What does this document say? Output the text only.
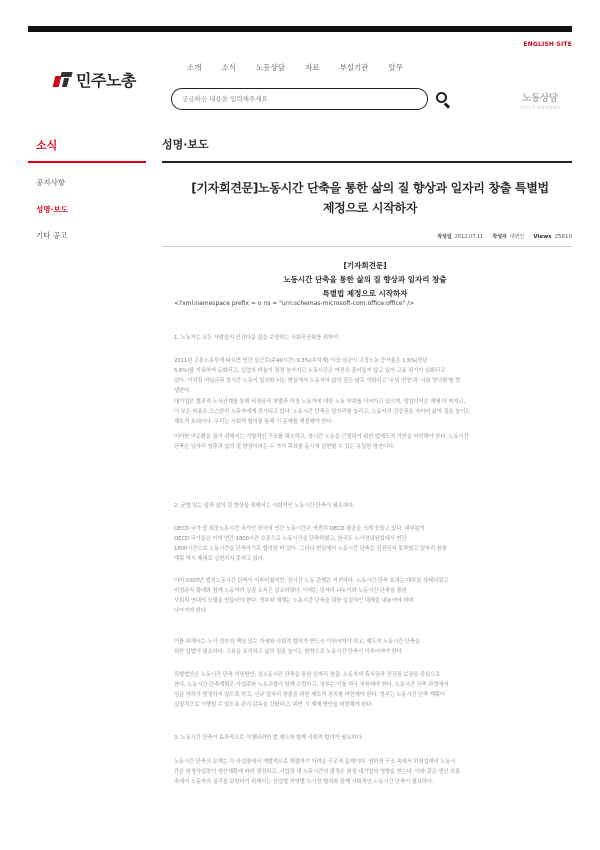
ENGLISH SITE
민주노총
소개	소식	노동상담	자료	부설기관	알무
궁금하신 내용을 입력해주세요
노동상담
민주노총 법률지원센터
소식
공지사항
성명·보도
기타 공고
성명·보도
[기자회견문]노동시간 단축을 통한 삶의 질 향상과 일자리 창출 특별법
제정으로 시작하자
작성일 2012.07.11 작성자 대변인 Views 25610
[기자회견문]
노동시간 단축을 통한 삶의 질 향상과 일자리 창출
특별법 제정으로 시작하자
<?xml:namespace prefix = o ns = "urn:schemas-microsoft-com:office:office" />
1. 노동자는 모든 사람들의 인간다운 삶을 보장하는 사회공공화를 위하여
2011년 고용노동부에 따르면 연간 실근로(주40시간) 9.3%(추석제) 이상 임금이 고정노동 증가율은 1.5%(전년
5.6%)를 기록하여 둔화되고, 실업자 비율이 점점 높아지고 노동시간은 여전히 줄어들지 않고 있어 고용 위기가 심화되고
있다. 이처럼 저임금과 장시간 노동이 일상화 되는 현실에서 노동자의 삶의 질은 날로 악화되고 '무임 연장'과 '사회 양극화'를 발
생한다.
대기업은 협조적 노사관계를 통해 비정규직 차별과 하청 노동자에 대한 노동 착취를 이어가고 있으며, 영업이익은 매해 더 커지고,
이 모든 비용은 고스란히 노동자에게 전가되고 있다. 노동시간 단축은 일자리를 늘리고, 노동자의 건강권을 지키며 삶의 질을 높이는
제도적 토대이다. 우리는 사회적 합의를 통해 이 문제를 해결해야 한다.
이러한 악순환을 끊기 위해서는 기형적인 구조를 해소하고, 장시간 노동을 근절하기 위한 법제도적 기반을 마련해야 한다. 노동시간
단축은 일자리 창출과 삶의 질 향상이라는 두 가지 목표를 동시에 실현할 수 있는 유일한 방안이다.
2. 균형 있는 일과 삶의 질 향상을 위해서는 사회적인 노동시간 단축이 필요하다.
OECD 국가 중 최장노동시간 국가인 한국의 연간 노동시간은 여전히 OECD 평균을 크게 웃돌고 있다. 대부분의
OECD 국가들은 이미 연간 1800시간 수준으로 노동시간을 단축하였고, 한국도 노사정위원회에서 연간
1800시간으로 노동시간을 단축하기로 합의한 바 있다. 그러나 현실에서 노동시간 단축은 진전되지 못하였고 일자리 창출
계획 역시 제대로 실현되지 못하고 있다.
이미 2003년 법정노동시간 단축이 이루어졌지만, 장시간 노동 관행은 여전하다. 노동시간 단축 효과는 대부분 상쇄되었고
비정규직 확대와 함께 노동자의 실질 소득은 감소하였다. 이제는 일자리 나누기와 노동시간 단축을 통한
사회적 연대의 모델을 만들어야 한다. 정부와 재계는 노동시간 단축을 위한 실질적인 대책을 내놓아야 하며
나아가야 한다.
이를 위해서는 노사 정부의 책임 있는 자세와 사회적 합의가 반드시 이루어져야 하고, 제도적 노동시간 단축을
위한 입법이 필요하다. 고용을 유지하고 삶의 질을 높이는 방향으로 노동시간 단축이 이루어져야 한다.
특별법안은 노동시간 단축 지원방안, 실노동시간 단축을 통한 일자리 창출, 노동자의 휴식권과 건강권 보장을 중심으로
한다. 노동시간 단축계획은 사업주와 노동조합이 함께 수립하고, 정부는 이를 적극 지원해야 한다. 노동시간 단축 과정에서
임금 저하가 발생하지 않도록 하고, 신규 일자리 창출을 위한 제도적 장치를 마련해야 한다. 정부는 노동시간 단축 계획이
실질적으로 이행될 수 있도록 관리·감독을 강화하고, 위반 시 제재 방안을 마련해야 한다.
3. 노동시간 단축이 효과적으로 이행되려면 법 제도와 함께 사회적 합의가 필요하다.
노동시간 단축의 문제는 각 사업장에서 개별적으로 해결하기 어려운 구조적 문제이다. 원하청 구조 속에서 하청업체의 노동시
간은 원청사업장의 생산계획에 따라 결정되고, 사업장 내 노동시간의 결정은 원청 대기업의 영향을 받는다. 이와 같은 생산 흐름
속에서 노동자의 권리를 보장하기 위해서는 산업별 지역별 노사정 협의와 함께 사회적인 노동시간 단축이 필요하다.
